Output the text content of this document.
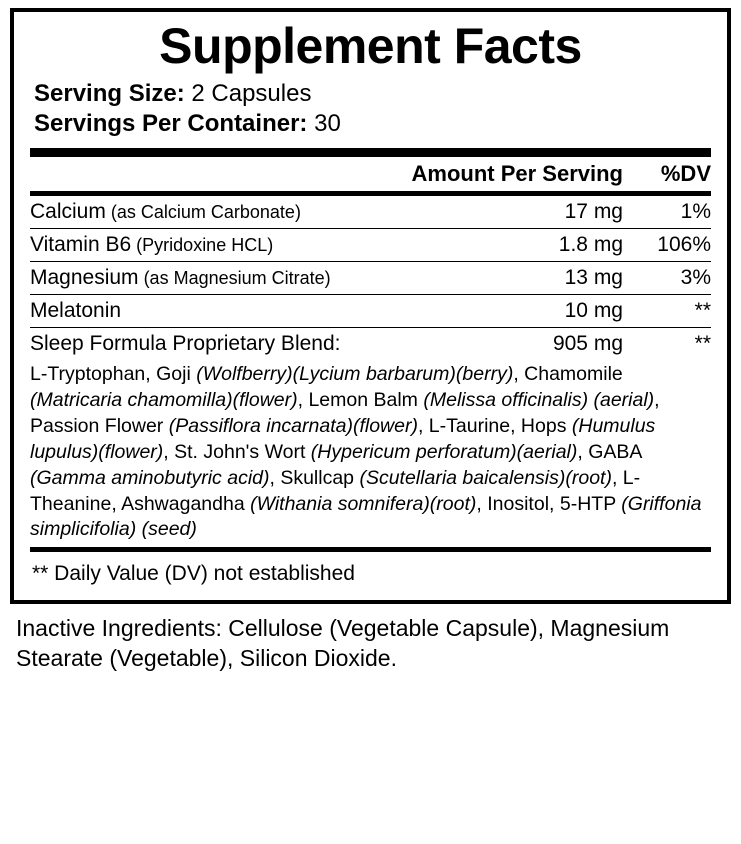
Supplement Facts
Serving Size: 2 Capsules
Servings Per Container: 30
	Amount Per Serving	%DV
Calcium (as Calcium Carbonate)	17 mg	1%
Vitamin B6 (Pyridoxine HCL)	1.8 mg	106%
Magnesium (as Magnesium Citrate)	13 mg	3%
Melatonin	10 mg	**
Sleep Formula Proprietary Blend:	905 mg	**
L-Tryptophan, Goji (Wolfberry)(Lycium barbarum)(berry), Chamomile (Matricaria chamomilla)(flower), Lemon Balm (Melissa officinalis) (aerial), Passion Flower (Passiflora incarnata)(flower), L-Taurine, Hops (Humulus lupulus)(flower), St. John's Wort (Hypericum perforatum)(aerial), GABA (Gamma aminobutyric acid), Skullcap (Scutellaria baicalensis)(root), L-Theanine, Ashwagandha (Withania somnifera)(root), Inositol, 5-HTP (Griffonia simplicifolia) (seed)
** Daily Value (DV) not established
Inactive Ingredients: Cellulose (Vegetable Capsule), Magnesium Stearate (Vegetable), Silicon Dioxide.
